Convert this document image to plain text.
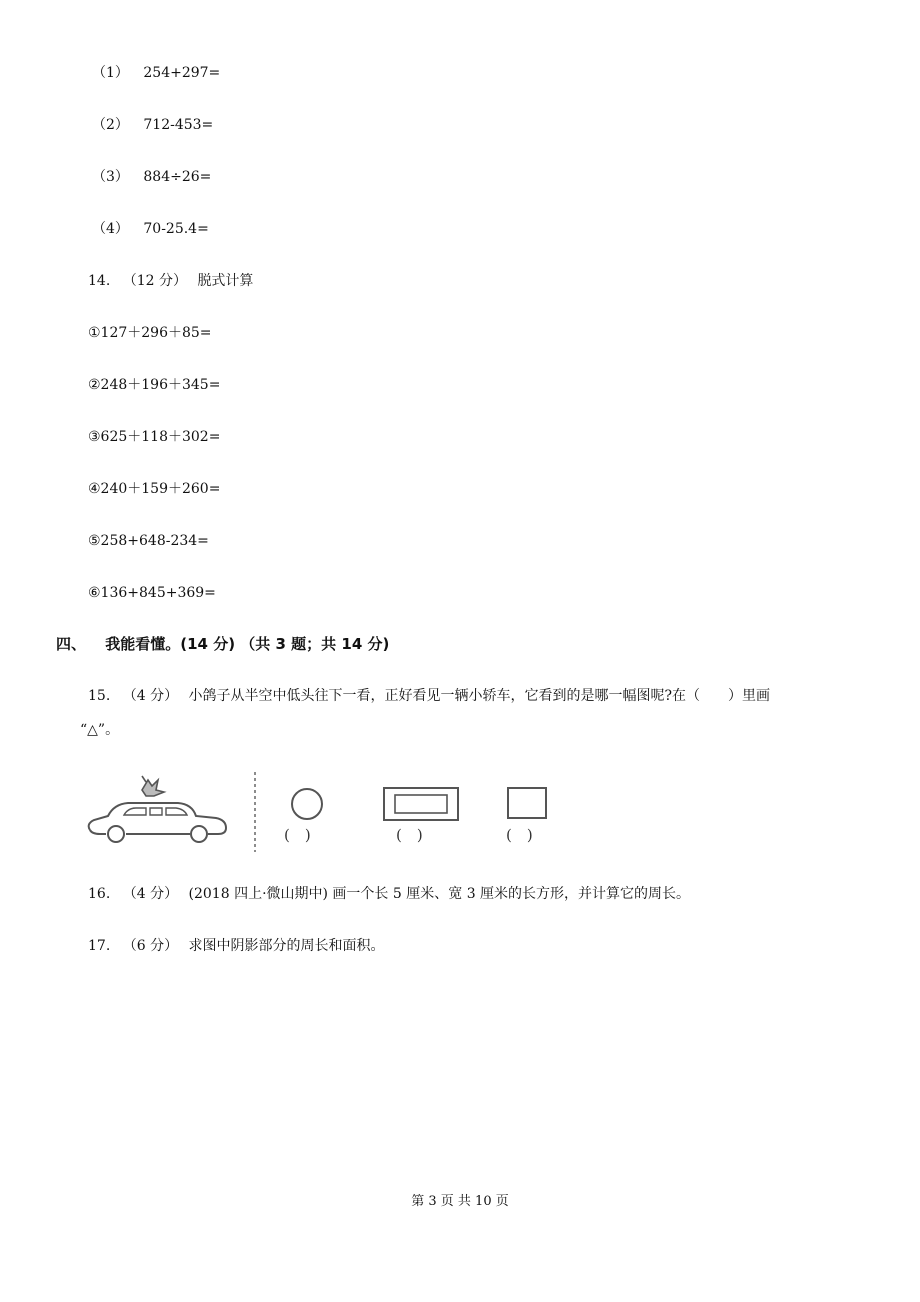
（1） 254+297=
（2） 712-453=
（3） 884÷26=
（4） 70-25.4=
14. （12 分） 脱式计算
①127＋296＋85=
②248＋196＋345=
③625＋118＋302=
④240＋159＋260=
⑤258+648-234=
⑥136+845+369=
四、 我能看懂。(14 分) （共 3 题；共 14 分)
15. （4 分） 小鸽子从半空中低头往下一看，正好看见一辆小轿车，它看到的是哪一幅图呢?在（　　）里画
“△”。
(　)	(　)	(　)
16. （4 分） (2018 四上·微山期中) 画一个长 5 厘米、宽 3 厘米的长方形，并计算它的周长。
17. （6 分） 求图中阴影部分的周长和面积。
第 3 页 共 10 页
